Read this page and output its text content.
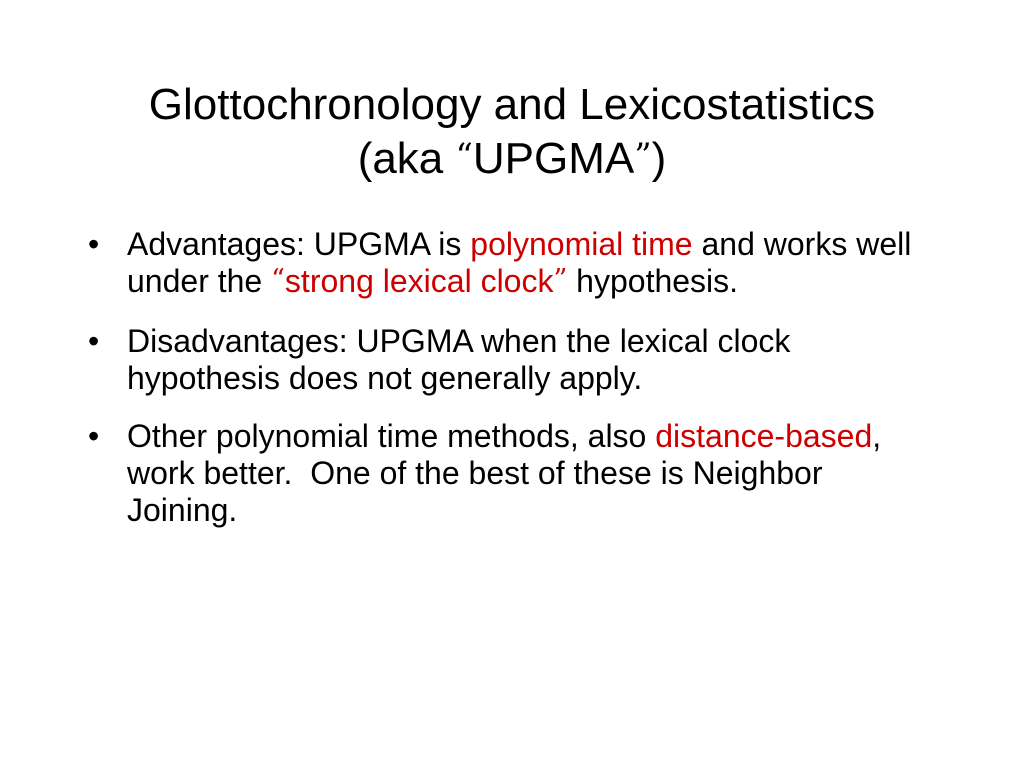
Glottochronology and Lexicostatistics
(aka “UPGMA”)
• Advantages: UPGMA is polynomial time and works well under the “strong lexical clock” hypothesis.
• Disadvantages: UPGMA when the lexical clock hypothesis does not generally apply.
• Other polynomial time methods, also distance-based, work better.  One of the best of these is Neighbor Joining.
